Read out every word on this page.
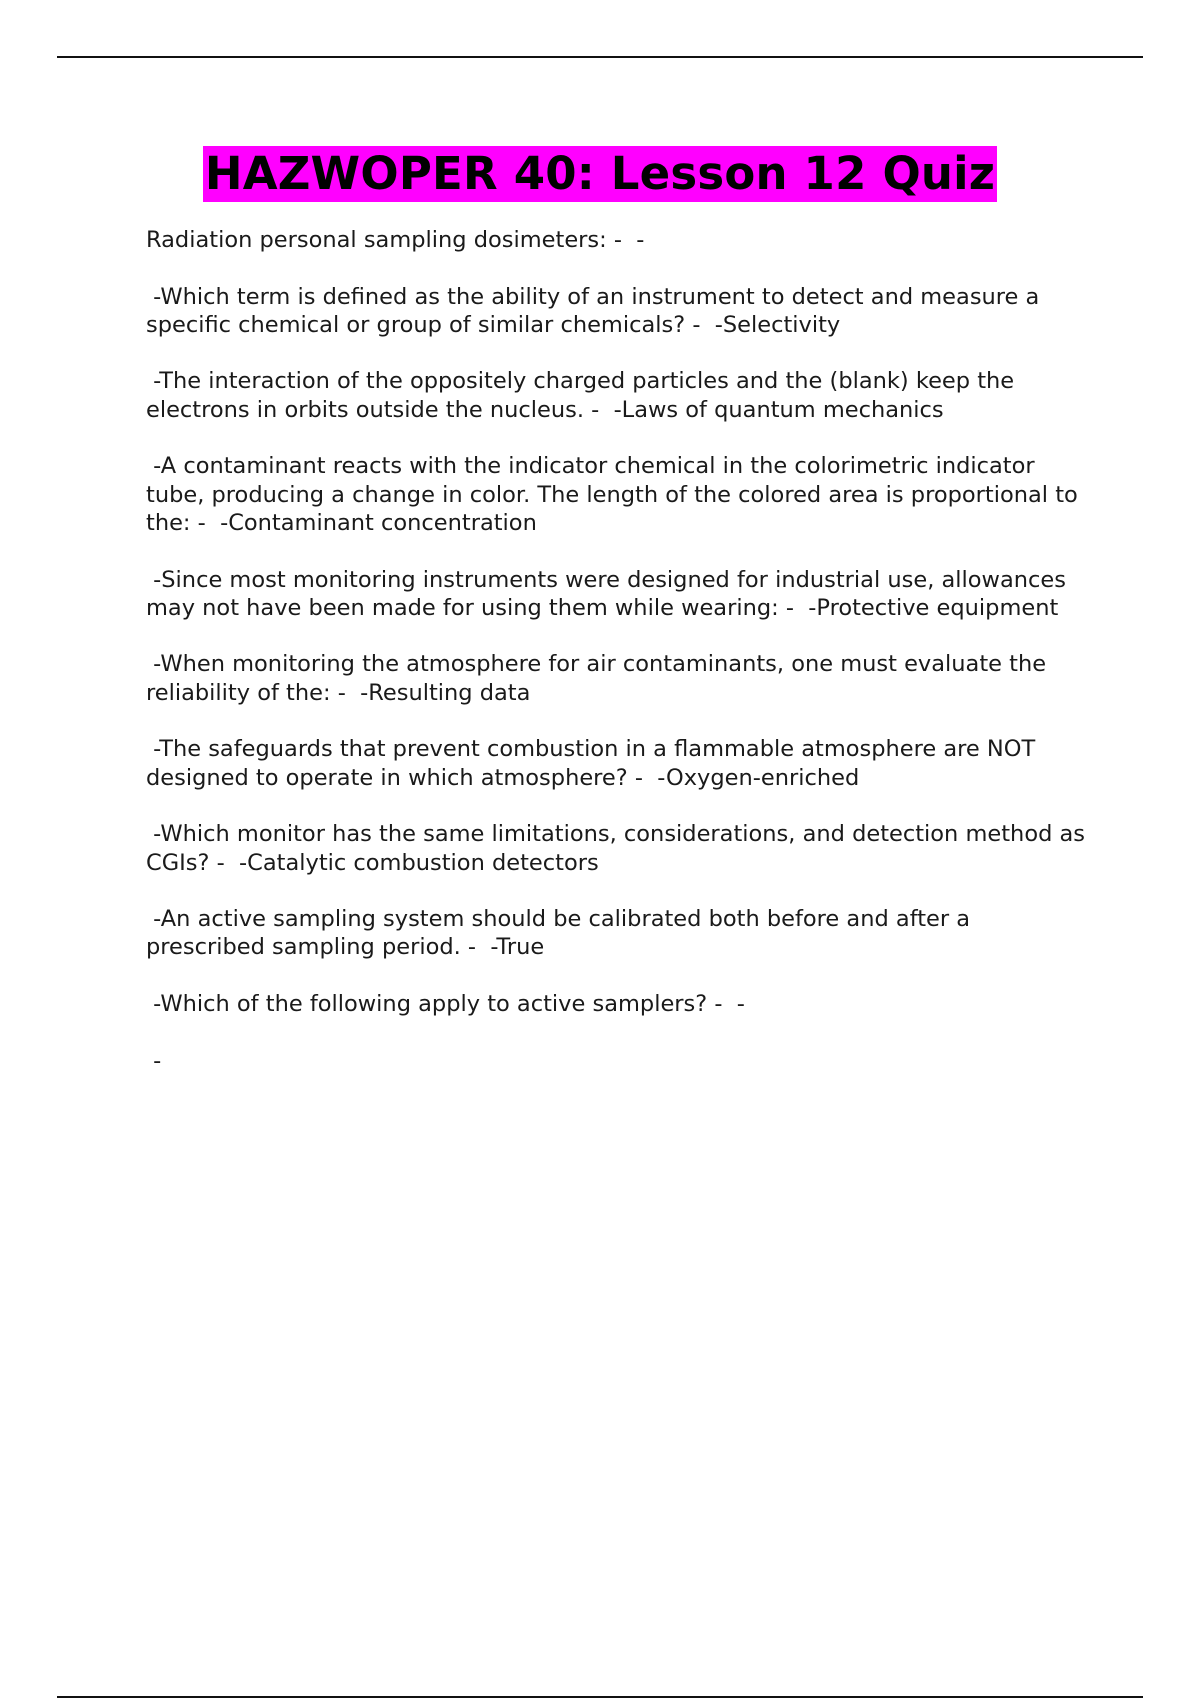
HAZWOPER 40: Lesson 12 Quiz

Radiation personal sampling dosimeters: -  -

-Which term is defined as the ability of an instrument to detect and measure a specific chemical or group of similar chemicals? -  -Selectivity

-The interaction of the oppositely charged particles and the (blank) keep the electrons in orbits outside the nucleus. -  -Laws of quantum mechanics

-A contaminant reacts with the indicator chemical in the colorimetric indicator tube, producing a change in color. The length of the colored area is proportional to the: -  -Contaminant concentration

-Since most monitoring instruments were designed for industrial use, allowances may not have been made for using them while wearing: -  -Protective equipment

-When monitoring the atmosphere for air contaminants, one must evaluate the reliability of the: -  -Resulting data

-The safeguards that prevent combustion in a flammable atmosphere are NOT designed to operate in which atmosphere? -  -Oxygen-enriched

-Which monitor has the same limitations, considerations, and detection method as CGIs? -  -Catalytic combustion detectors

-An active sampling system should be calibrated both before and after a prescribed sampling period. -  -True

-Which of the following apply to active samplers? -  -

-
